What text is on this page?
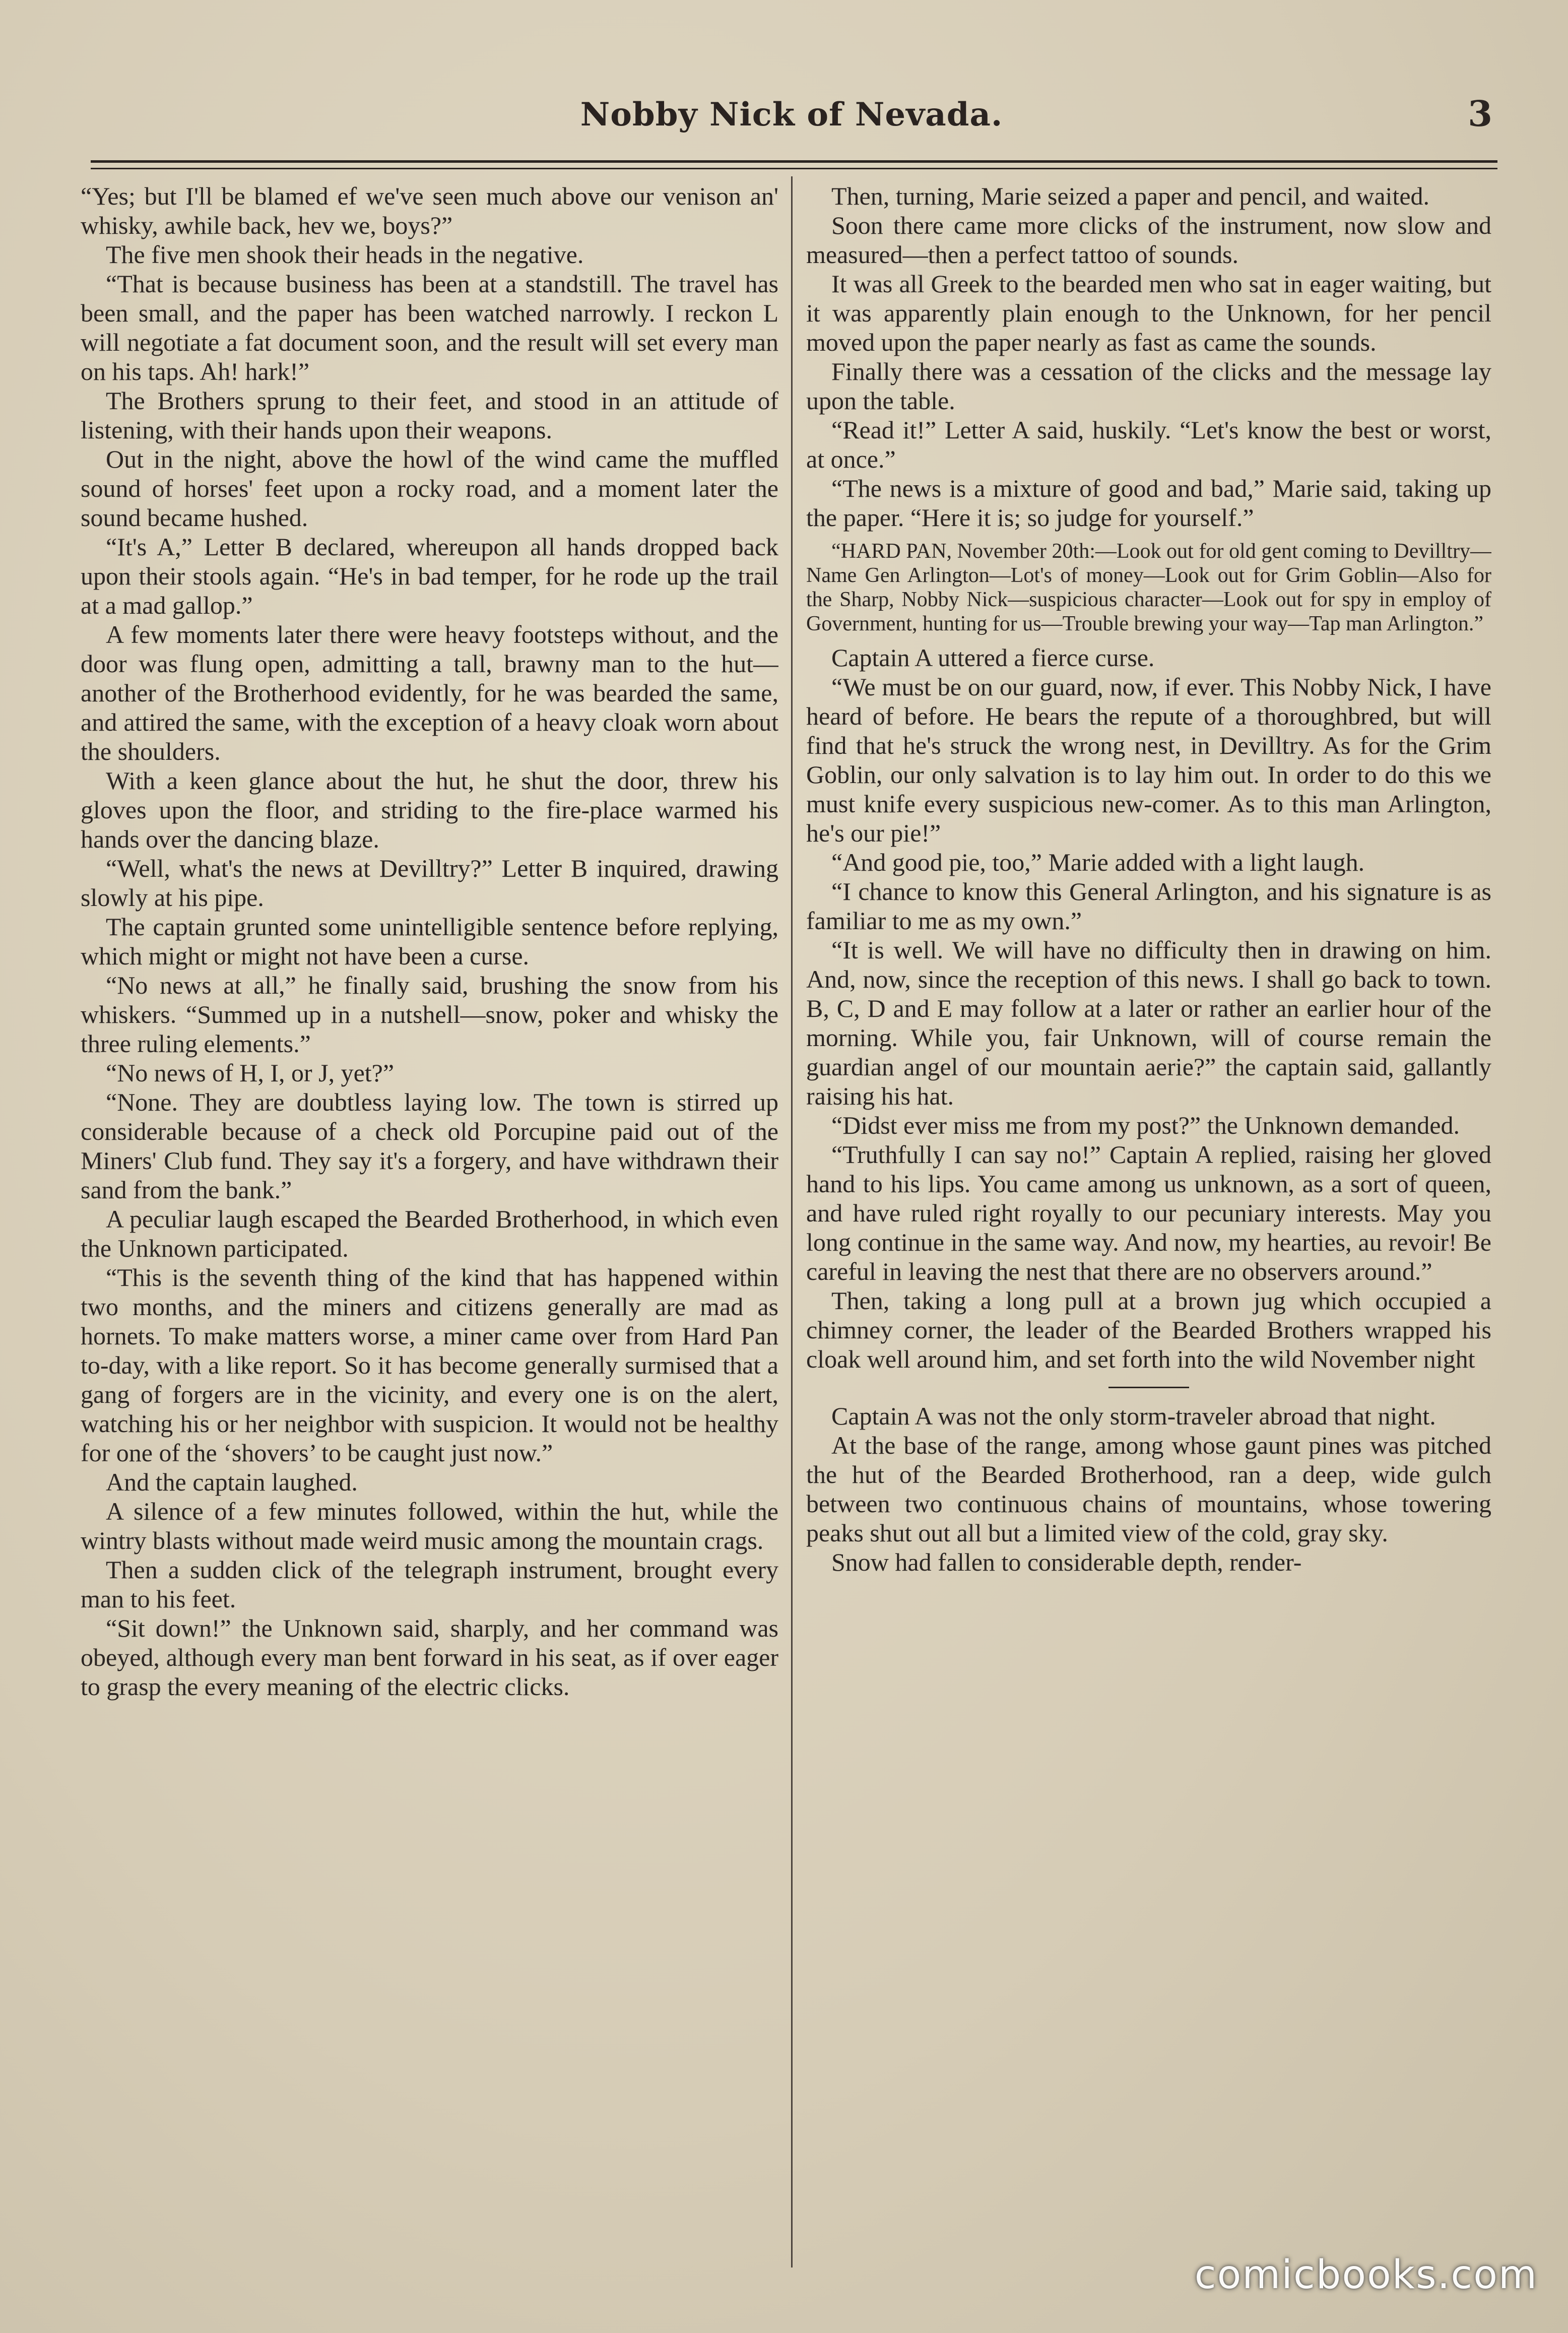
Nobby Nick of Nevada.	3

“Yes; but I'll be blamed ef we've seen much above our venison an' whisky, awhile back, hev we, boys?”

The five men shook their heads in the negative.

“That is because business has been at a standstill. The travel has been small, and the paper has been watched narrowly. I reckon L will negotiate a fat document soon, and the result will set every man on his taps. Ah! hark!”

The Brothers sprung to their feet, and stood in an attitude of listening, with their hands upon their weapons.

Out in the night, above the howl of the wind came the muffled sound of horses' feet upon a rocky road, and a moment later the sound became hushed.

“It's A,” Letter B declared, whereupon all hands dropped back upon their stools again. “He's in bad temper, for he rode up the trail at a mad gallop.”

A few moments later there were heavy footsteps without, and the door was flung open, admitting a tall, brawny man to the hut—another of the Brotherhood evidently, for he was bearded the same, and attired the same, with the exception of a heavy cloak worn about the shoulders.

With a keen glance about the hut, he shut the door, threw his gloves upon the floor, and striding to the fire-place warmed his hands over the dancing blaze.

“Well, what's the news at Devilltry?” Letter B inquired, drawing slowly at his pipe.

The captain grunted some unintelligible sentence before replying, which might or might not have been a curse.

“No news at all,” he finally said, brushing the snow from his whiskers. “Summed up in a nutshell—snow, poker and whisky the three ruling elements.”

“No news of H, I, or J, yet?”

“None. They are doubtless laying low. The town is stirred up considerable because of a check old Porcupine paid out of the Miners' Club fund. They say it's a forgery, and have withdrawn their sand from the bank.”

A peculiar laugh escaped the Bearded Brotherhood, in which even the Unknown participated.

“This is the seventh thing of the kind that has happened within two months, and the miners and citizens generally are mad as hornets. To make matters worse, a miner came over from Hard Pan to-day, with a like report. So it has become generally surmised that a gang of forgers are in the vicinity, and every one is on the alert, watching his or her neighbor with suspicion. It would not be healthy for one of the ‘shovers’ to be caught just now.”

And the captain laughed.

A silence of a few minutes followed, within the hut, while the wintry blasts without made weird music among the mountain crags.

Then a sudden click of the telegraph instrument, brought every man to his feet.

“Sit down!” the Unknown said, sharply, and her command was obeyed, although every man bent forward in his seat, as if over eager to grasp the every meaning of the electric clicks.

Then, turning, Marie seized a paper and pencil, and waited.

Soon there came more clicks of the instrument, now slow and measured—then a perfect tattoo of sounds.

It was all Greek to the bearded men who sat in eager waiting, but it was apparently plain enough to the Unknown, for her pencil moved upon the paper nearly as fast as came the sounds.

Finally there was a cessation of the clicks and the message lay upon the table.

“Read it!” Letter A said, huskily. “Let's know the best or worst, at once.”

“The news is a mixture of good and bad,” Marie said, taking up the paper. “Here it is; so judge for yourself.”

“HARD PAN, November 20th:—Look out for old gent coming to Devilltry—Name Gen Arlington—Lot's of money—Look out for Grim Goblin—Also for the Sharp, Nobby Nick—suspicious character—Look out for spy in employ of Government, hunting for us—Trouble brewing your way—Tap man Arlington.”

Captain A uttered a fierce curse.

“We must be on our guard, now, if ever. This Nobby Nick, I have heard of before. He bears the repute of a thoroughbred, but will find that he's struck the wrong nest, in Devilltry. As for the Grim Goblin, our only salvation is to lay him out. In order to do this we must knife every suspicious new-comer. As to this man Arlington, he's our pie!”

“And good pie, too,” Marie added with a light laugh.

“I chance to know this General Arlington, and his signature is as familiar to me as my own.”

“It is well. We will have no difficulty then in drawing on him. And, now, since the reception of this news. I shall go back to town. B, C, D and E may follow at a later or rather an earlier hour of the morning. While you, fair Unknown, will of course remain the guardian angel of our mountain aerie?” the captain said, gallantly raising his hat.

“Didst ever miss me from my post?” the Unknown demanded.

“Truthfully I can say no!” Captain A replied, raising her gloved hand to his lips. You came among us unknown, as a sort of queen, and have ruled right royally to our pecuniary interests. May you long continue in the same way. And now, my hearties, au revoir! Be careful in leaving the nest that there are no observers around.”

Then, taking a long pull at a brown jug which occupied a chimney corner, the leader of the Bearded Brothers wrapped his cloak well around him, and set forth into the wild November night

Captain A was not the only storm-traveler abroad that night.

At the base of the range, among whose gaunt pines was pitched the hut of the Bearded Brotherhood, ran a deep, wide gulch between two continuous chains of mountains, whose towering peaks shut out all but a limited view of the cold, gray sky.

Snow had fallen to considerable depth, render-

comicbooks.com
